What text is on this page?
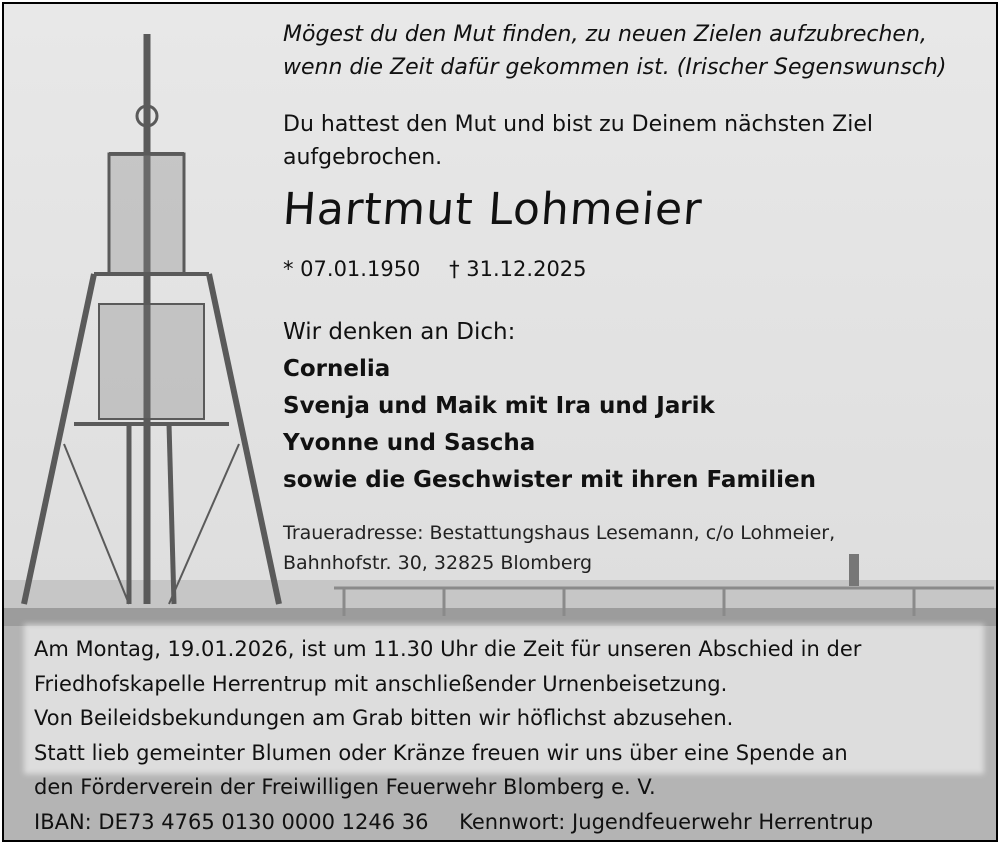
Mögest du den Mut finden, zu neuen Zielen aufzubrechen,
wenn die Zeit dafür gekommen ist. (Irischer Segenswunsch)
Du hattest den Mut und bist zu Deinem nächsten Ziel
aufgebrochen.
Hartmut Lohmeier
* 07.01.1950 † 31.12.2025
Wir denken an Dich:
Cornelia
Svenja und Maik mit Ira und Jarik
Yvonne und Sascha
sowie die Geschwister mit ihren Familien
Traueradresse: Bestattungshaus Lesemann, c/o Lohmeier,
Bahnhofstr. 30, 32825 Blomberg
Am Montag, 19.01.2026, ist um 11.30 Uhr die Zeit für unseren Abschied in der
Friedhofskapelle Herrentrup mit anschließender Urnenbeisetzung.
Von Beileidsbekundungen am Grab bitten wir höflichst abzusehen.
Statt lieb gemeinter Blumen oder Kränze freuen wir uns über eine Spende an
den Förderverein der Freiwilligen Feuerwehr Blomberg e. V.
IBAN: DE73 4765 0130 0000 1246 36 Kennwort: Jugendfeuerwehr Herrentrup
